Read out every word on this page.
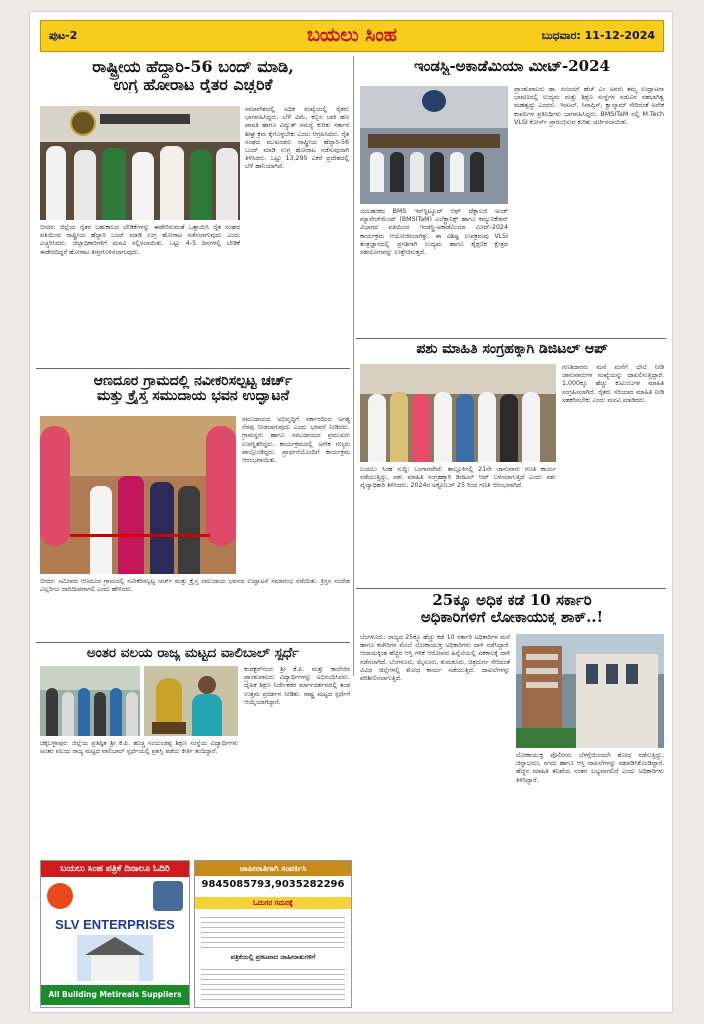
ಪುಟ-2	ಬಯಲು ಸಿಂಹ	ಬುಧವಾರ: 11-12-2024
ರಾಷ್ಟ್ರೀಯ ಹೆದ್ದಾರಿ-56 ಬಂದ್ ಮಾಡಿ,
ಉಗ್ರ ಹೋರಾಟ ರೈತರ ಎಚ್ಚರಿಕೆ
ಬೀದರ: ಜಿಲ್ಲೆಯ ರೈತರ ಬಹುಕಾಲದ ಬೇಡಿಕೆಗಳನ್ನು ಈಡೇರಿಸುವಂತೆ ಒತ್ತಾಯಿಸಿ ರೈತ ಸಂಘದ ವತಿಯಿಂದ ರಾಷ್ಟ್ರೀಯ ಹೆದ್ದಾರಿ ಬಂದ್ ಮಾಡಿ ಉಗ್ರ ಹೋರಾಟ ನಡೆಸಲಾಗುವುದು ಎಂದು ಎಚ್ಚರಿಸಿದರು. ಜಿಲ್ಲಾಧಿಕಾರಿಗಳಿಗೆ ಮನವಿ ಸಲ್ಲಿಸಲಾಯಿತು. ಒಟ್ಟು 4-5 ದಿನಗಳಲ್ಲಿ ಬೇಡಿಕೆ ಈಡೇರದಿದ್ದರೆ ಹೋರಾಟ ತೀವ್ರಗೊಳಿಸಲಾಗುವುದು.
ಸಮಾವೇಶದಲ್ಲಿ ಅಧಿಕ ಸಂಖ್ಯೆಯಲ್ಲಿ ರೈತರು ಭಾಗವಹಿಸಿದ್ದರು. ಬೆಳೆ ವಿಮೆ, ಕಬ್ಬಿನ ಬಾಕಿ ಹಣ ಪಾವತಿ ಹಾಗೂ ವಿದ್ಯುತ್ ಸಮಸ್ಯೆ ಕುರಿತು ಸರ್ಕಾರ ಶೀಘ್ರ ಕ್ರಮ ಕೈಗೊಳ್ಳಬೇಕು ಎಂದು ಆಗ್ರಹಿಸಿದರು. ರೈತ ಸಂಘದ ಮುಖಂಡರು ರಾಷ್ಟ್ರೀಯ ಹೆದ್ದಾರಿ-56 ಬಂದ್ ಮಾಡಿ ಉಗ್ರ ಹೋರಾಟ ನಡೆಸುವುದಾಗಿ ತಿಳಿಸಿದರು. ಒಟ್ಟು 13,295 ಎಕರೆ ಪ್ರದೇಶದಲ್ಲಿ ಬೆಳೆ ಹಾನಿಯಾಗಿದೆ.
ಆಣದೂರ ಗ್ರಾಮದಲ್ಲಿ ನವೀಕರಿಸಲ್ಪಟ್ಟ ಚರ್ಚ್
ಮತ್ತು ಕ್ರೈಸ್ತ ಸಮುದಾಯ ಭವನ ಉದ್ಘಾಟನೆ
ಸಮುದಾಯದ ಅಭಿವೃದ್ಧಿಗೆ ಸರ್ಕಾರದಿಂದ ಅಗತ್ಯ ನೆರವು ನೀಡಲಾಗುವುದು ಎಂದು ಭರವಸೆ ನೀಡಿದರು. ಗ್ರಾಮಸ್ಥರು ಹಾಗೂ ಸಮುದಾಯದ ಪ್ರಮುಖರು ಉಪಸ್ಥಿತರಿದ್ದರು. ಕಾರ್ಯಕ್ರಮದಲ್ಲಿ ಅನೇಕ ಗಣ್ಯರು ಪಾಲ್ಗೊಂಡಿದ್ದರು. ಪ್ರಾರ್ಥನೆಯೊಂದಿಗೆ ಕಾರ್ಯಕ್ರಮ ಆರಂಭವಾಯಿತು.
ಬೀದರ: ಸಮೀಪದ ಆಣದೂರ ಗ್ರಾಮದಲ್ಲಿ ನವೀಕರಿಸಲ್ಪಟ್ಟ ಚರ್ಚ್ ಮತ್ತು ಕ್ರೈಸ್ತ ಸಮುದಾಯ ಭವನದ ಉದ್ಘಾಟನೆ ಸಮಾರಂಭ ನಡೆಯಿತು. ಕ್ರಿಸ್ತನ ಸಂದೇಶ ಎಲ್ಲರಿಗೂ ದಾರಿದೀಪವಾಗಲಿ ಎಂದು ಹೇಳಿದರು.
ಅಂತರ ವಲಯ ರಾಜ್ಯ ಮಟ್ಟದ ವಾಲಿಬಾಲ್ ಸ್ಪರ್ಧೆ
ಚಿಕ್ಕಬಳ್ಳಾಪುರ: ಜಿಲ್ಲೆಯ ಪ್ರತಿಷ್ಠಿತ ಶ್ರೀ ಕೆ.ಪಿ. ಹುಚ್ಚ ನಂಜುಂಡಪ್ಪ ಶಿಕ್ಷಣ ಸಂಸ್ಥೆಯ ವಿದ್ಯಾರ್ಥಿಗಳು ಅಂತರ ವಲಯ ರಾಜ್ಯ ಮಟ್ಟದ ವಾಲಿಬಾಲ್ ಸ್ಪರ್ಧೆಯಲ್ಲಿ ಪ್ರಶಸ್ತಿ ಪಡೆದು ಕೀರ್ತಿ ತಂದಿದ್ದಾರೆ.
ಕಂಡಕ್ಟರ್‌ನಂದ ಶ್ರೀ ಕೆ.ಪಿ. ಮತ್ತು ಕಾಲೇಜಿನ ಪ್ರಾಂಶುಪಾಲರು ವಿದ್ಯಾರ್ಥಿಗಳನ್ನು ಅಭಿನಂದಿಸಿದರು. ದೈಹಿಕ ಶಿಕ್ಷಣ ನಿರ್ದೇಶಕರ ಮಾರ್ಗದರ್ಶನದಲ್ಲಿ ತಂಡ ಉತ್ತಮ ಪ್ರದರ್ಶನ ನೀಡಿತು. ರಾಷ್ಟ್ರ ಮಟ್ಟದ ಸ್ಪರ್ಧೆಗೆ ಆಯ್ಕೆಯಾಗಿದ್ದಾರೆ.
ಬಯಲು ಸಿಂಹ ಪತ್ರಿಕೆ ದಿನಾಲೂ ಓದಿರಿ
SLV ENTERPRISES
All Building Metireals Suppliers
ಜಾಹೀರಾತಿಗಾಗಿ ಸಂಪರ್ಕಿಸಿ
9845085793,9035282296
ಓದುಗರ ಗಮನಕ್ಕೆ
ಪತ್ರಿಕೆಯಲ್ಲಿ ಪ್ರಕಟವಾದ ಜಾಹೀರಾತುಗಳಿಗೆ
ಇಂಡಸ್ಟ್ರಿ-ಅಕಾಡೆಮಿಯಾ ಮೀಟ್-2024
ಯಲಹಂಕದ BMS ಇನ್‌ಸ್ಟಿಟ್ಯೂಟ್ ಆಫ್ ಟೆಕ್ನಾಲಜಿ ಅಂಡ್ ಮ್ಯಾನೇಜ್‌ಮೆಂಟ್ (BMSITaM) ಎಲೆಕ್ಟ್ರಾನಿಕ್ಸ್ ಹಾಗೂ ಕಮ್ಯುನಿಕೇಶನ್ ವಿಭಾಗದ ವತಿಯಿಂದ ಇಂಡಸ್ಟ್ರಿ-ಅಕಾಡೆಮಿಯಾ ಮೀಟ್-2024 ಕಾರ್ಯಕ್ರಮ ಆಯೋಜಿಸಲಾಗಿತ್ತು. ಈ ವಿಶಿಷ್ಟ ಉಪಕ್ರಮವು VLSI ತಂತ್ರಜ್ಞಾನದಲ್ಲಿ ಪ್ರಗತಿಗಾಗಿ ಉದ್ಯಮ ಹಾಗೂ ಶೈಕ್ಷಣಿಕ ಕ್ಷೇತ್ರದ ಸಹಯೋಗವನ್ನು ಉತ್ತೇಜಿಸುತ್ತದೆ.
ಪ್ರಾಂಶುಪಾಲರು ಡಾ. ಸಂಜಯ್ ಹೆಚ್ ಎಂ ಅವರು ತಮ್ಮ ಉದ್ಘಾಟನಾ ಭಾಷಣದಲ್ಲಿ ಉದ್ಯಮ ಮತ್ತು ಶಿಕ್ಷಣ ಸಂಸ್ಥೆಗಳ ನಡುವಿನ ಸಹಭಾಗಿತ್ವ ಮಹತ್ವದ್ದು ಎಂದರು. ಇಂಟಲ್, ಸಿನಾಪ್ಸಿಸ್, ಕ್ವಾಲ್ಕಾಮ್ ಸೇರಿದಂತೆ ಅನೇಕ ಕಂಪನಿಗಳ ಪ್ರತಿನಿಧಿಗಳು ಭಾಗವಹಿಸಿದ್ದರು. BMSITaM ನಲ್ಲಿ M.Tech VLSI ಕೋರ್ಸ್ ಪ್ರಾರಂಭಿಸುವ ಕುರಿತು ಚರ್ಚಿಸಲಾಯಿತು.
ಪಶು ಮಾಹಿತಿ ಸಂಗ್ರಹಕ್ಕಾಗಿ ಡಿಜಿಟಲ್ ಆಪ್
ಬಯಲು ಸಿಂಹ ಸುದ್ದಿ: ಬಂಗಾರಪೇಟೆ: ತಾಲ್ಲೂಕಿನಲ್ಲಿ 21ನೇ ಜಾನುವಾರು ಗಣತಿ ಕಾರ್ಯ ನಡೆಯುತ್ತಿದ್ದು, ಪಶು ಮಾಹಿತಿ ಸಂಗ್ರಹಕ್ಕಾಗಿ ಡಿಜಿಟಲ್ ಆಪ್ ಬಳಸಲಾಗುತ್ತಿದೆ ಎಂದು ಪಶು ವೈದ್ಯಾಧಿಕಾರಿ ತಿಳಿಸಿದರು. 2024ರ ಅಕ್ಟೋಬರ್ 25 ರಿಂದ ಗಣತಿ ಆರಂಭವಾಗಿದೆ.
ಗಣತಿದಾರರು ಮನೆ ಮನೆಗೆ ಭೇಟಿ ನೀಡಿ ಜಾನುವಾರುಗಳ ಸಂಖ್ಯೆಯನ್ನು ದಾಖಲಿಸುತ್ತಿದ್ದಾರೆ. 1,000ಕ್ಕೂ ಹೆಚ್ಚು ಕುಟುಂಬಗಳ ಮಾಹಿತಿ ಸಂಗ್ರಹಿಸಲಾಗಿದೆ. ರೈತರು ಸರಿಯಾದ ಮಾಹಿತಿ ನೀಡಿ ಸಹಕರಿಸಬೇಕು ಎಂದು ಮನವಿ ಮಾಡಿದರು.
25ಕ್ಕೂ ಅಧಿಕ ಕಡೆ 10 ಸರ್ಕಾರಿ
ಅಧಿಕಾರಿಗಳಿಗೆ ಲೋಕಾಯುಕ್ತ ಶಾಕ್..!
ಬೆಂಗಳೂರು: ರಾಜ್ಯದ 25ಕ್ಕೂ ಹೆಚ್ಚು ಕಡೆ 10 ಸರ್ಕಾರಿ ಅಧಿಕಾರಿಗಳ ಮನೆ ಹಾಗೂ ಕಚೇರಿಗಳ ಮೇಲೆ ಲೋಕಾಯುಕ್ತ ಅಧಿಕಾರಿಗಳು ದಾಳಿ ನಡೆಸಿದ್ದಾರೆ. ಆದಾಯಕ್ಕಿಂತ ಹೆಚ್ಚಿನ ಆಸ್ತಿ ಗಳಿಕೆ ಆರೋಪದ ಹಿನ್ನೆಲೆಯಲ್ಲಿ ಏಕಕಾಲಕ್ಕೆ ದಾಳಿ ನಡೆಸಲಾಗಿದೆ. ಬೆಂಗಳೂರು, ಮೈಸೂರು, ತುಮಕೂರು, ಚಿತ್ರದುರ್ಗ ಸೇರಿದಂತೆ ವಿವಿಧ ಜಿಲ್ಲೆಗಳಲ್ಲಿ ಶೋಧ ಕಾರ್ಯ ನಡೆಯುತ್ತಿದೆ. ದಾಖಲೆಗಳನ್ನು ಪರಿಶೀಲಿಸಲಾಗುತ್ತಿದೆ.
ಲೋಕಾಯುಕ್ತ ಪೊಲೀಸರು ಬೆಳಗ್ಗೆಯಿಂದಲೇ ಶೋಧ ನಡೆಸುತ್ತಿದ್ದು, ಚಿನ್ನಾಭರಣ, ನಗದು ಹಾಗೂ ಆಸ್ತಿ ದಾಖಲೆಗಳನ್ನು ವಶಪಡಿಸಿಕೊಂಡಿದ್ದಾರೆ. ಹೆಚ್ಚಿನ ಮಾಹಿತಿ ತನಿಖೆಯ ನಂತರ ಲಭ್ಯವಾಗಲಿದೆ ಎಂದು ಅಧಿಕಾರಿಗಳು ತಿಳಿಸಿದ್ದಾರೆ.
